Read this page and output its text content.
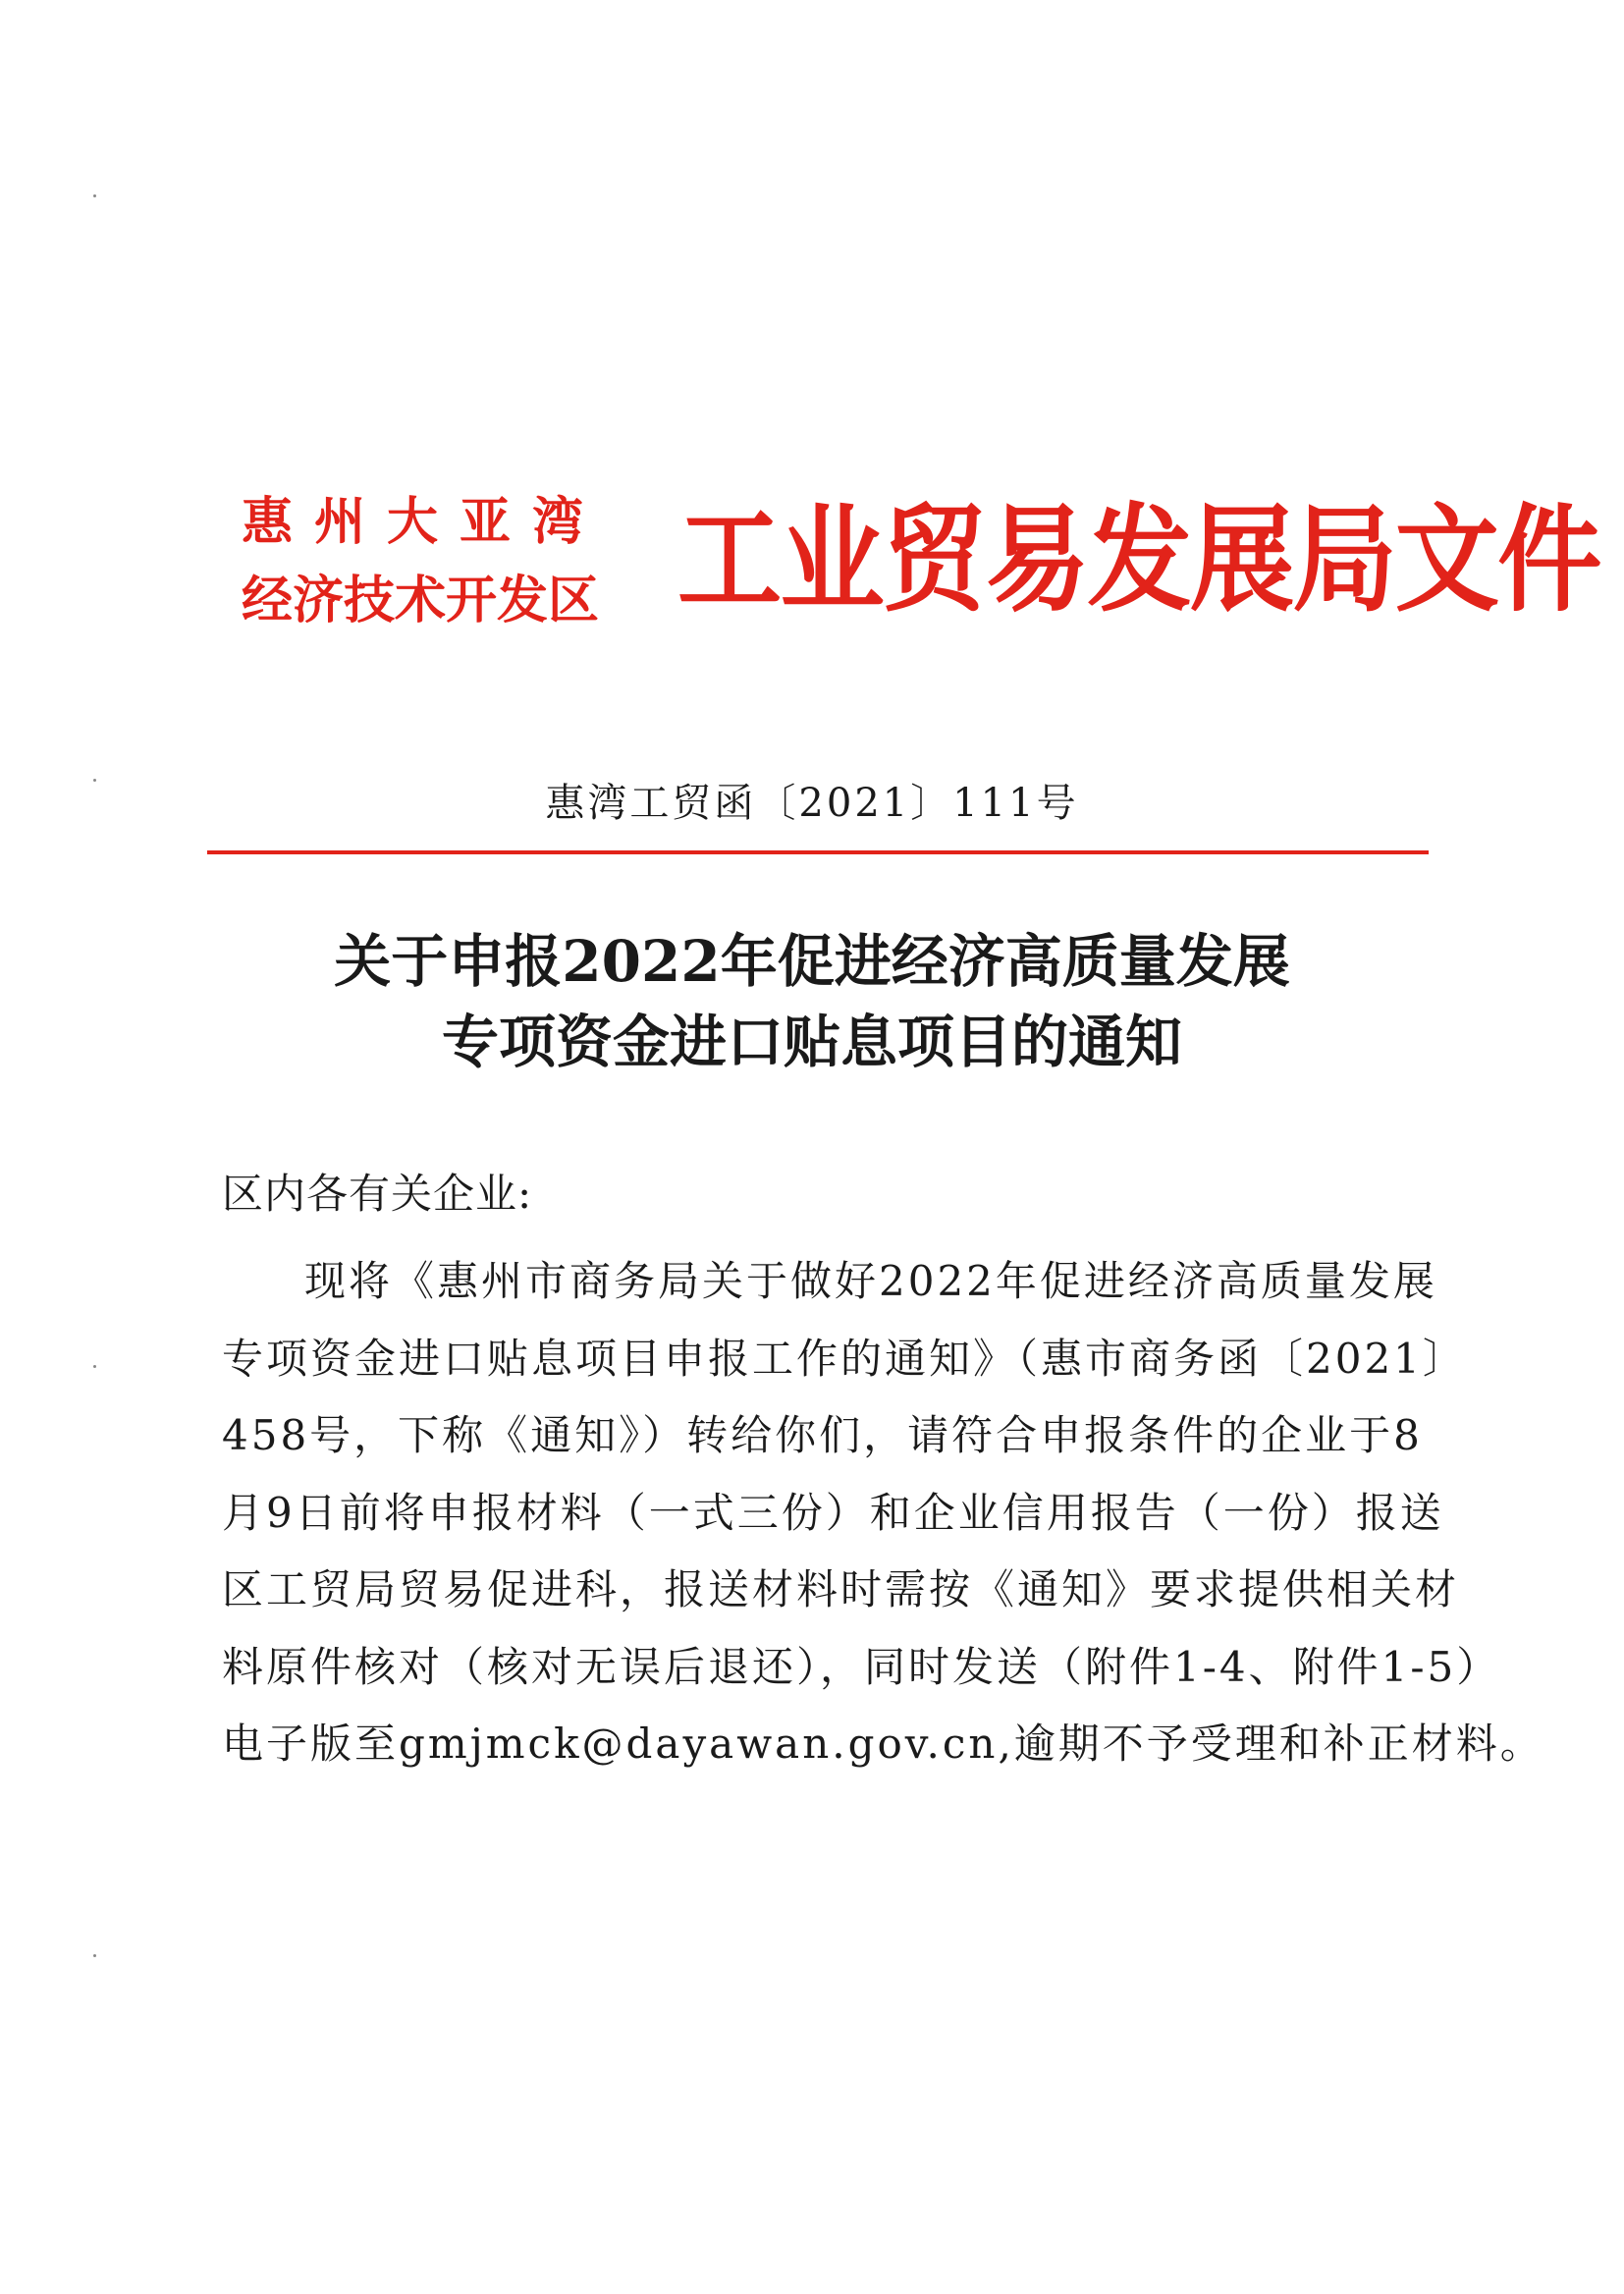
惠州大亚湾
经济技术开发区 工业贸易发展局文件
惠湾工贸函〔2021〕111号
关于申报2022年促进经济高质量发展
专项资金进口贴息项目的通知
区内各有关企业:
现将《惠州市商务局关于做好2022年促进经济高质量发展
专项资金进口贴息项目申报工作的通知》（惠市商务函〔2021〕
458号，下称《通知》）转给你们，请符合申报条件的企业于8
月9日前将申报材料（一式三份）和企业信用报告（一份）报送
区工贸局贸易促进科，报送材料时需按《通知》要求提供相关材
料原件核对（核对无误后退还），同时发送（附件1-4、附件1-5）
电子版至gmjmck@dayawan.gov.cn,逾期不予受理和补正材料。
